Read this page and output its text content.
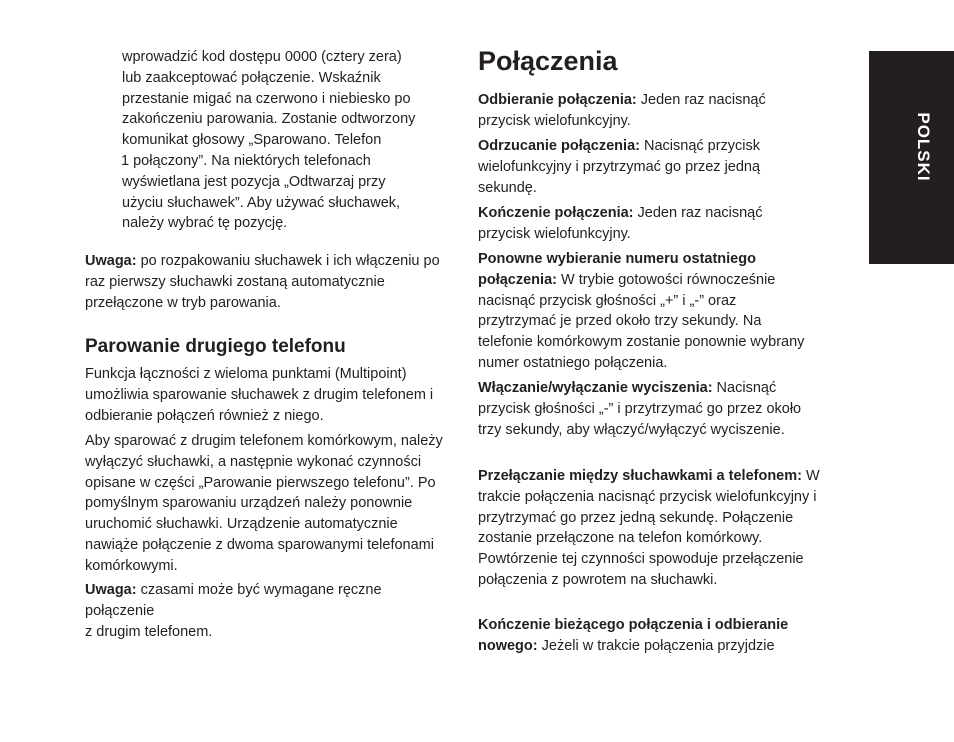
POLSKI
wprowadzić kod dostępu 0000 (cztery zera)
lub zaakceptować połączenie. Wskaźnik
przestanie migać na czerwono i niebiesko po
zakończeniu parowania. Zostanie odtworzony
komunikat głosowy „Sparowano. Telefon
1 połączony”. Na niektórych telefonach
wyświetlana jest pozycja „Odtwarzaj przy
użyciu słuchawek”. Aby używać słuchawek,
należy wybrać tę pozycję.

Uwaga: po rozpakowaniu słuchawek i ich włączeniu po raz pierwszy słuchawki zostaną automatycznie przełączone w tryb parowania.

Parowanie drugiego telefonu

Funkcja łączności z wieloma punktami (Multipoint) umożliwia sparowanie słuchawek z drugim telefonem i odbieranie połączeń również z niego.

Aby sparować z drugim telefonem komórkowym, należy wyłączyć słuchawki, a następnie wykonać czynności opisane w części „Parowanie pierwszego telefonu”. Po pomyślnym sparowaniu urządzeń należy ponownie uruchomić słuchawki. Urządzenie automatycznie nawiąże połączenie z dwoma sparowanymi telefonami komórkowymi.

Uwaga: czasami może być wymagane ręczne

połączenie

z drugim telefonem.

Połączenia

Odbieranie połączenia: Jeden raz nacisnąć przycisk wielofunkcyjny.

Odrzucanie połączenia: Nacisnąć przycisk wielofunkcyjny i przytrzymać go przez jedną sekundę.

Kończenie połączenia: Jeden raz nacisnąć przycisk wielofunkcyjny.

Ponowne wybieranie numeru ostatniego połączenia: W trybie gotowości równocześnie nacisnąć przycisk głośności „+” i „-” oraz przytrzymać je przed około trzy sekundy. Na telefonie komórkowym zostanie ponownie wybrany numer ostatniego połączenia.

Włączanie/wyłączanie wyciszenia: Nacisnąć przycisk głośności „-” i przytrzymać go przez około trzy sekundy, aby włączyć/wyłączyć wyciszenie.

Przełączanie między słuchawkami a telefonem: W trakcie połączenia nacisnąć przycisk wielofunkcyjny i przytrzymać go przez jedną sekundę. Połączenie zostanie przełączone na telefon komórkowy. Powtórzenie tej czynności spowoduje przełączenie połączenia z powrotem na słuchawki.

Kończenie bieżącego połączenia i odbieranie nowego: Jeżeli w trakcie połączenia przyjdzie
